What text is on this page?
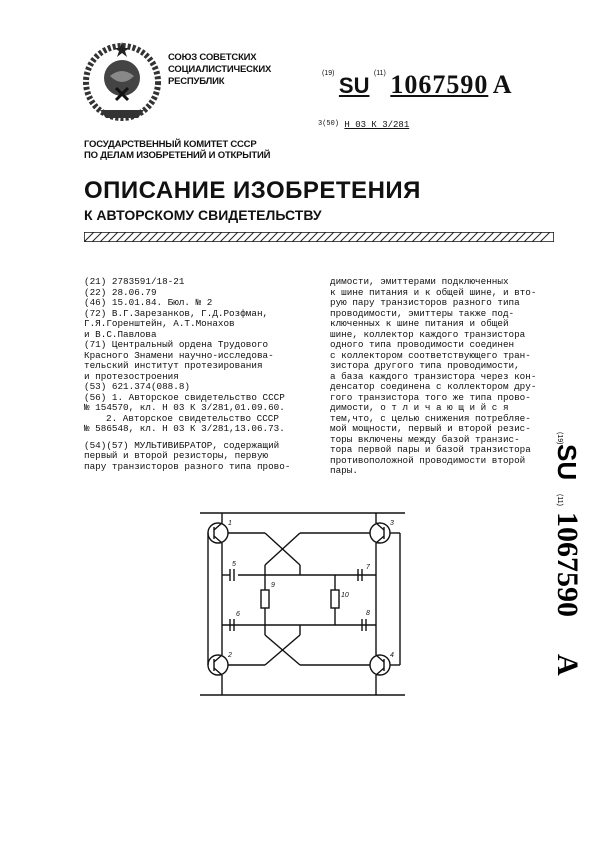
СОЮЗ СОВЕТСКИХ
СОЦИАЛИСТИЧЕСКИХ
РЕСПУБЛИК
$^{(19)}$ SU $^{(11)}$ 1067590 A
$^{3(50)}$ Н 03 К 3/281
ГОСУДАРСТВЕННЫЙ КОМИТЕТ СССР
ПО ДЕЛАМ ИЗОБРЕТЕНИЙ И ОТКРЫТИЙ
ОПИСАНИЕ ИЗОБРЕТЕНИЯ
К АВТОРСКОМУ СВИДЕТЕЛЬСТВУ
(21) 2783591/18-21
(22) 28.06.79
(46) 15.01.84. Бюл. № 2
(72) В.Г.Зарезанков, Г.Д.Розфман,
Г.Я.Горенштейн, А.Т.Монахов
и В.С.Павлова
(71) Центральный ордена Трудового
Красного Знамени научно-исследова-
тельский институт протезирования
и протезостроения
(53) 621.374(088.8)
(56) 1. Авторское свидетельство СССР
№ 154570, кл. Н 03 К 3/281,01.09.60.
2. Авторское свидетельство СССР
№ 586548, кл. Н 03 К 3/281,13.06.73.
(54)(57) МУЛЬТИВИБРАТОР, содержащий
первый и второй резисторы, первую
пару транзисторов разного типа прово-
димости, эмиттерами подключенных
к шине питания и к общей шине, и вто-
рую пару транзисторов разного типа
проводимости, эмиттеры также под-
ключенных к шине питания и общей
шине, коллектор каждого транзистора
одного типа проводимости соединен
с коллектором соответствующего тран-
зистора другого типа проводимости,
а база каждого транзистора через кон-
денсатор соединена с коллектором дру-
гого транзистора того же типа прово-
димости, о т л и ч а ю щ и й с я
тем,что, с целью снижения потребляе-
мой мощности, первый и второй резис-
торы включены между базой транзис-
тора первой пары и базой транзистора
противоположной проводимости второй
пары.
(19)
SU
(11)
1067590
A
1
2
3
4
5
6
7
8
9
10
